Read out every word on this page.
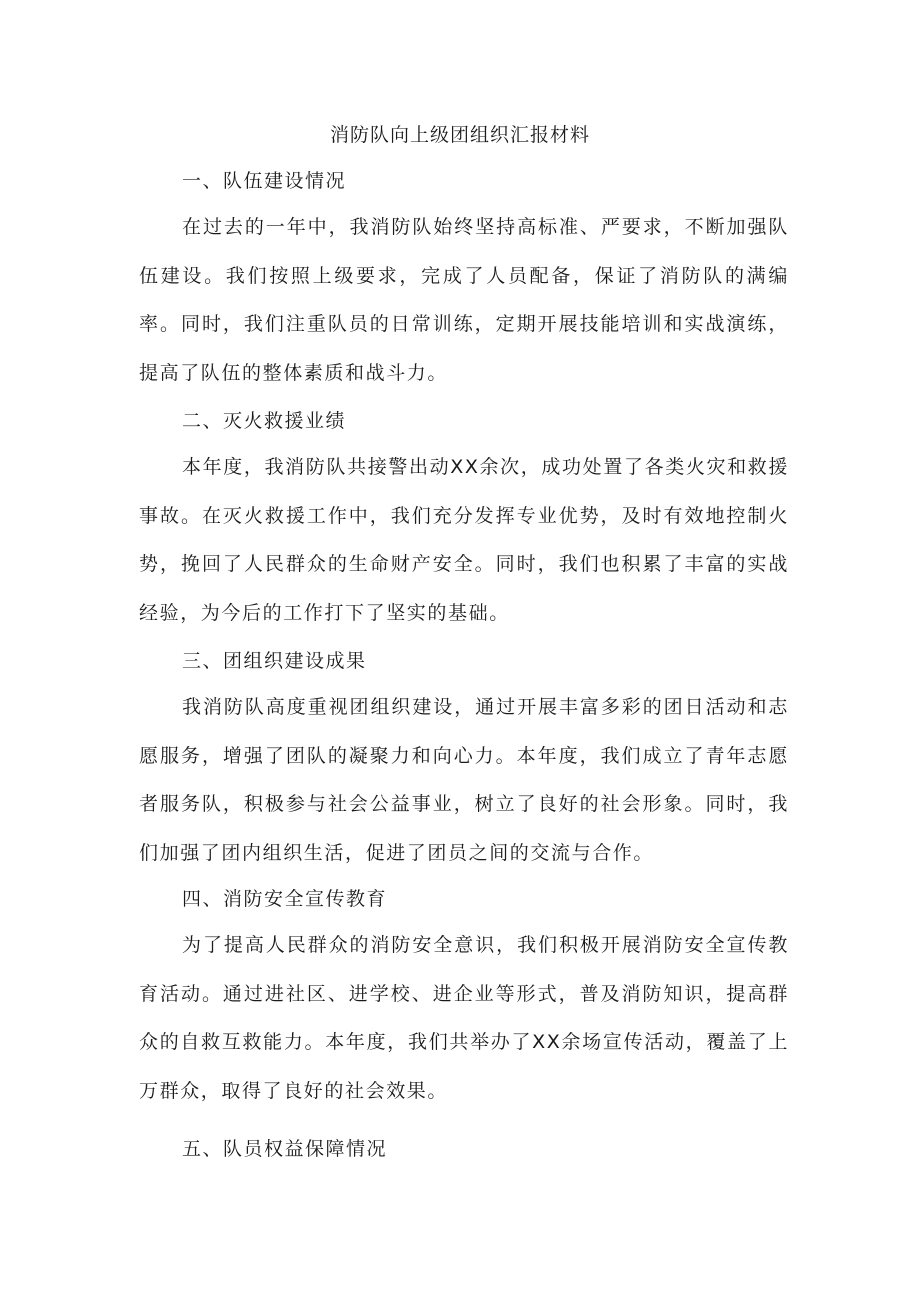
消防队向上级团组织汇报材料
一、队伍建设情况

在过去的一年中，我消防队始终坚持高标准、严要求，不断加强队伍建设。我们按照上级要求，完成了人员配备，保证了消防队的满编率。同时，我们注重队员的日常训练，定期开展技能培训和实战演练，提高了队伍的整体素质和战斗力。

二、灭火救援业绩

本年度，我消防队共接警出动XX余次，成功处置了各类火灾和救援事故。在灭火救援工作中，我们充分发挥专业优势，及时有效地控制火势，挽回了人民群众的生命财产安全。同时，我们也积累了丰富的实战经验，为今后的工作打下了坚实的基础。

三、团组织建设成果

我消防队高度重视团组织建设，通过开展丰富多彩的团日活动和志愿服务，增强了团队的凝聚力和向心力。本年度，我们成立了青年志愿者服务队，积极参与社会公益事业，树立了良好的社会形象。同时，我们加强了团内组织生活，促进了团员之间的交流与合作。

四、消防安全宣传教育

为了提高人民群众的消防安全意识，我们积极开展消防安全宣传教育活动。通过进社区、进学校、进企业等形式，普及消防知识，提高群众的自救互救能力。本年度，我们共举办了XX余场宣传活动，覆盖了上万群众，取得了良好的社会效果。

五、队员权益保障情况
